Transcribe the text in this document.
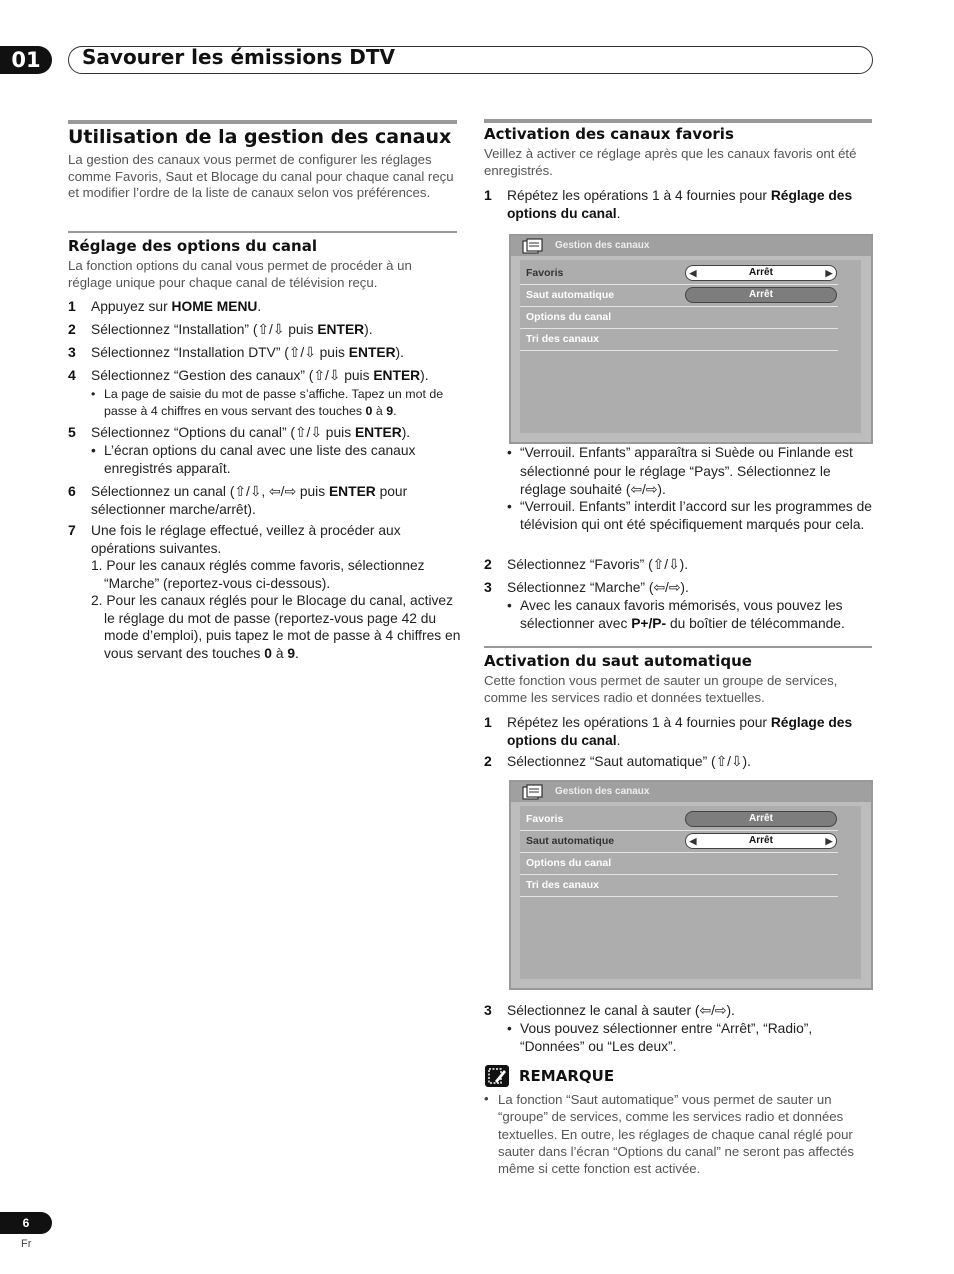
01	Savourer les émissions DTV
Utilisation de la gestion des canaux
La gestion des canaux vous permet de configurer les réglages comme Favoris, Saut et Blocage du canal pour chaque canal reçu et modifier l’ordre de la liste de canaux selon vos préférences.
Réglage des options du canal
La fonction options du canal vous permet de procéder à un réglage unique pour chaque canal de télévision reçu.
1 Appuyez sur HOME MENU.
2 Sélectionnez “Installation” (⇧/⇩ puis ENTER).
3 Sélectionnez “Installation DTV” (⇧/⇩ puis ENTER).
4 Sélectionnez “Gestion des canaux” (⇧/⇩ puis ENTER).
• La page de saisie du mot de passe s’affiche. Tapez un mot de passe à 4 chiffres en vous servant des touches 0 à 9.
5 Sélectionnez “Options du canal” (⇧/⇩ puis ENTER).
• L’écran options du canal avec une liste des canaux enregistrés apparaît.
6 Sélectionnez un canal (⇧/⇩, ⇦/⇨ puis ENTER pour sélectionner marche/arrêt).
7 Une fois le réglage effectué, veillez à procéder aux opérations suivantes.
1. Pour les canaux réglés comme favoris, sélectionnez “Marche” (reportez-vous ci-dessous).
2. Pour les canaux réglés pour le Blocage du canal, activez le réglage du mot de passe (reportez-vous page 42 du mode d’emploi), puis tapez le mot de passe à 4 chiffres en vous servant des touches 0 à 9.
Activation des canaux favoris
Veillez à activer ce réglage après que les canaux favoris ont été enregistrés.
1 Répétez les opérations 1 à 4 fournies pour Réglage des options du canal.
Gestion des canaux
Favoris	◀	Arrêt	▶
Saut automatique	Arrêt
Options du canal
Tri des canaux
• “Verrouil. Enfants” apparaîtra si Suède ou Finlande est sélectionné pour le réglage “Pays”. Sélectionnez le réglage souhaité (⇦/⇨).
• “Verrouil. Enfants” interdit l’accord sur les programmes de télévision qui ont été spécifiquement marqués pour cela.
2 Sélectionnez “Favoris” (⇧/⇩).
3 Sélectionnez “Marche” (⇦/⇨).
• Avec les canaux favoris mémorisés, vous pouvez les sélectionner avec P+/P- du boîtier de télécommande.
Activation du saut automatique
Cette fonction vous permet de sauter un groupe de services, comme les services radio et données textuelles.
1 Répétez les opérations 1 à 4 fournies pour Réglage des options du canal.
2 Sélectionnez “Saut automatique” (⇧/⇩).
Gestion des canaux
Favoris	Arrêt
Saut automatique	◀	Arrêt	▶
Options du canal
Tri des canaux
3 Sélectionnez le canal à sauter (⇦/⇨).
• Vous pouvez sélectionner entre “Arrêt”, “Radio”, “Données” ou “Les deux”.
REMARQUE
• La fonction “Saut automatique” vous permet de sauter un “groupe” de services, comme les services radio et données textuelles. En outre, les réglages de chaque canal réglé pour sauter dans l’écran “Options du canal” ne seront pas affectés même si cette fonction est activée.
6
Fr
